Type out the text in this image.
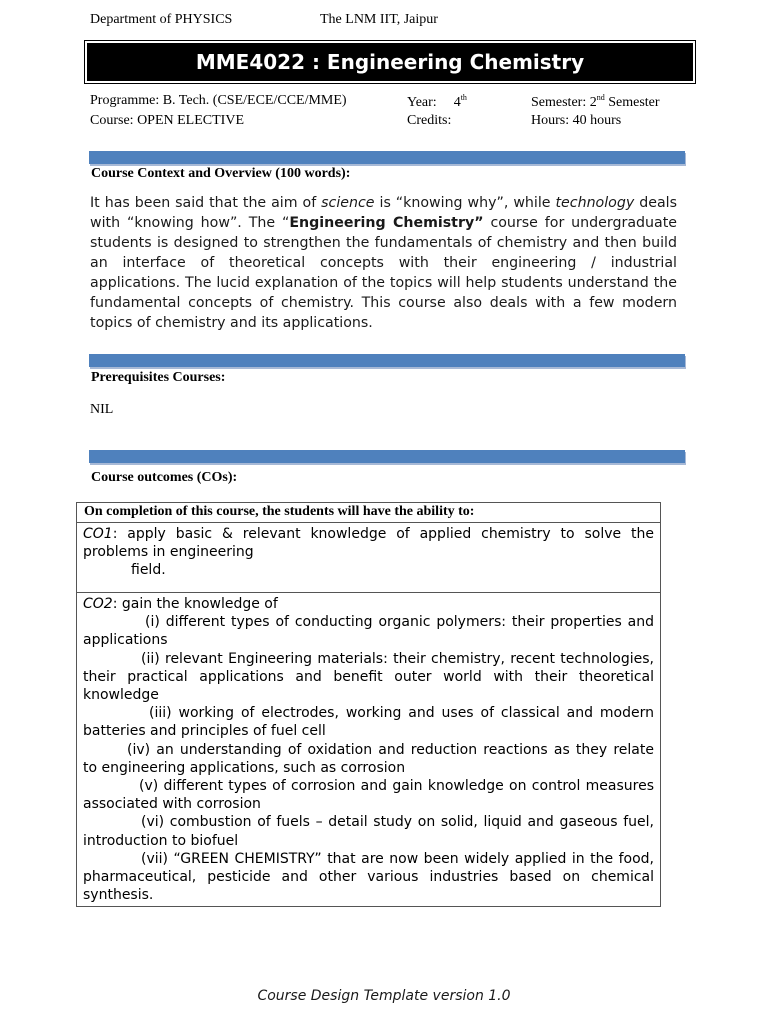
Department of PHYSICS	The LNM IIT, Jaipur
MME4022 : Engineering Chemistry
Programme: B. Tech. (CSE/ECE/CCE/MME)	Year: 4th	Semester: 2nd Semester
Course: OPEN ELECTIVE	Credits:	Hours: 40 hours
Course Context and Overview (100 words):
It has been said that the aim of science is “knowing why”, while technology deals with “knowing how”. The “Engineering Chemistry” course for undergraduate students is designed to strengthen the fundamentals of chemistry and then build an interface of theoretical concepts with their engineering / industrial applications. The lucid explanation of the topics will help students understand the fundamental concepts of chemistry. This course also deals with a few modern topics of chemistry and its applications.
Prerequisites Courses:
NIL
Course outcomes (COs):
On completion of this course, the students will have the ability to:
CO1: apply basic & relevant knowledge of applied chemistry to solve the problems in engineering
field.
CO2: gain the knowledge of
(i) different types of conducting organic polymers: their properties and applications
(ii) relevant Engineering materials: their chemistry, recent technologies, their practical applications and benefit outer world with their theoretical knowledge
(iii) working of electrodes, working and uses of classical and modern batteries and principles of fuel cell
(iv) an understanding of oxidation and reduction reactions as they relate to engineering applications, such as corrosion
(v) different types of corrosion and gain knowledge on control measures associated with corrosion
(vi) combustion of fuels – detail study on solid, liquid and gaseous fuel, introduction to biofuel
(vii) “GREEN CHEMISTRY” that are now been widely applied in the food, pharmaceutical, pesticide and other various industries based on chemical synthesis.
Course Design Template version 1.0
